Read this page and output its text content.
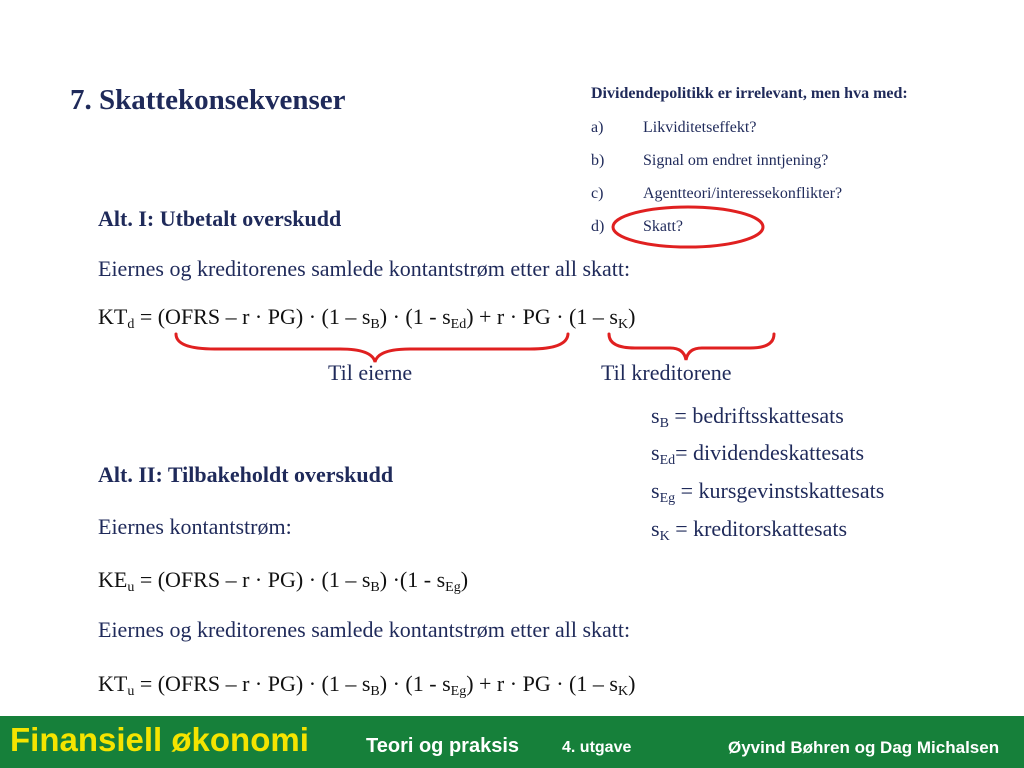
7. Skattekonsekvenser	Dividendepolitikk er irrelevant, men hva med:
a) Likviditetseffekt?
b) Signal om endret inntjening?
c) Agentteori/interessekonflikter?
d) Skatt?
Alt. I: Utbetalt overskudd
Eiernes og kreditorenes samlede kontantstrøm etter all skatt:
$KT_d$ = (OFRS – $r \cdot PG) \cdot (1 - s_B) \cdot (1 - s_{Ed}) + r$ · PG · $(1 - s_K)$
Til eierne	Til kreditorene
$s_B$ = bedriftsskattesats
$s_{Ed}=$ dividendeskattesats
$s_{Eg}$ = kursgevinstskattesats
$s_K$ = kreditorskattesats
Alt. II: Tilbakeholdt overskudd
Eiernes kontantstrøm:
$KE_u$ = (OFRS – $r \cdot PG) \cdot (1 - s_B) \cdot(1 - s_{Eg})$
Eiernes og kreditorenes samlede kontantstrøm etter all skatt:
$KT_u$ = (OFRS – $r \cdot PG) \cdot (1 - s_B) \cdot (1 - s_{Eg}) + r$ · PG · $(1 - s_K)$
Finansiell økonomi	Teori og praksis	4. utgave	Øyvind Bøhren og Dag Michalsen
